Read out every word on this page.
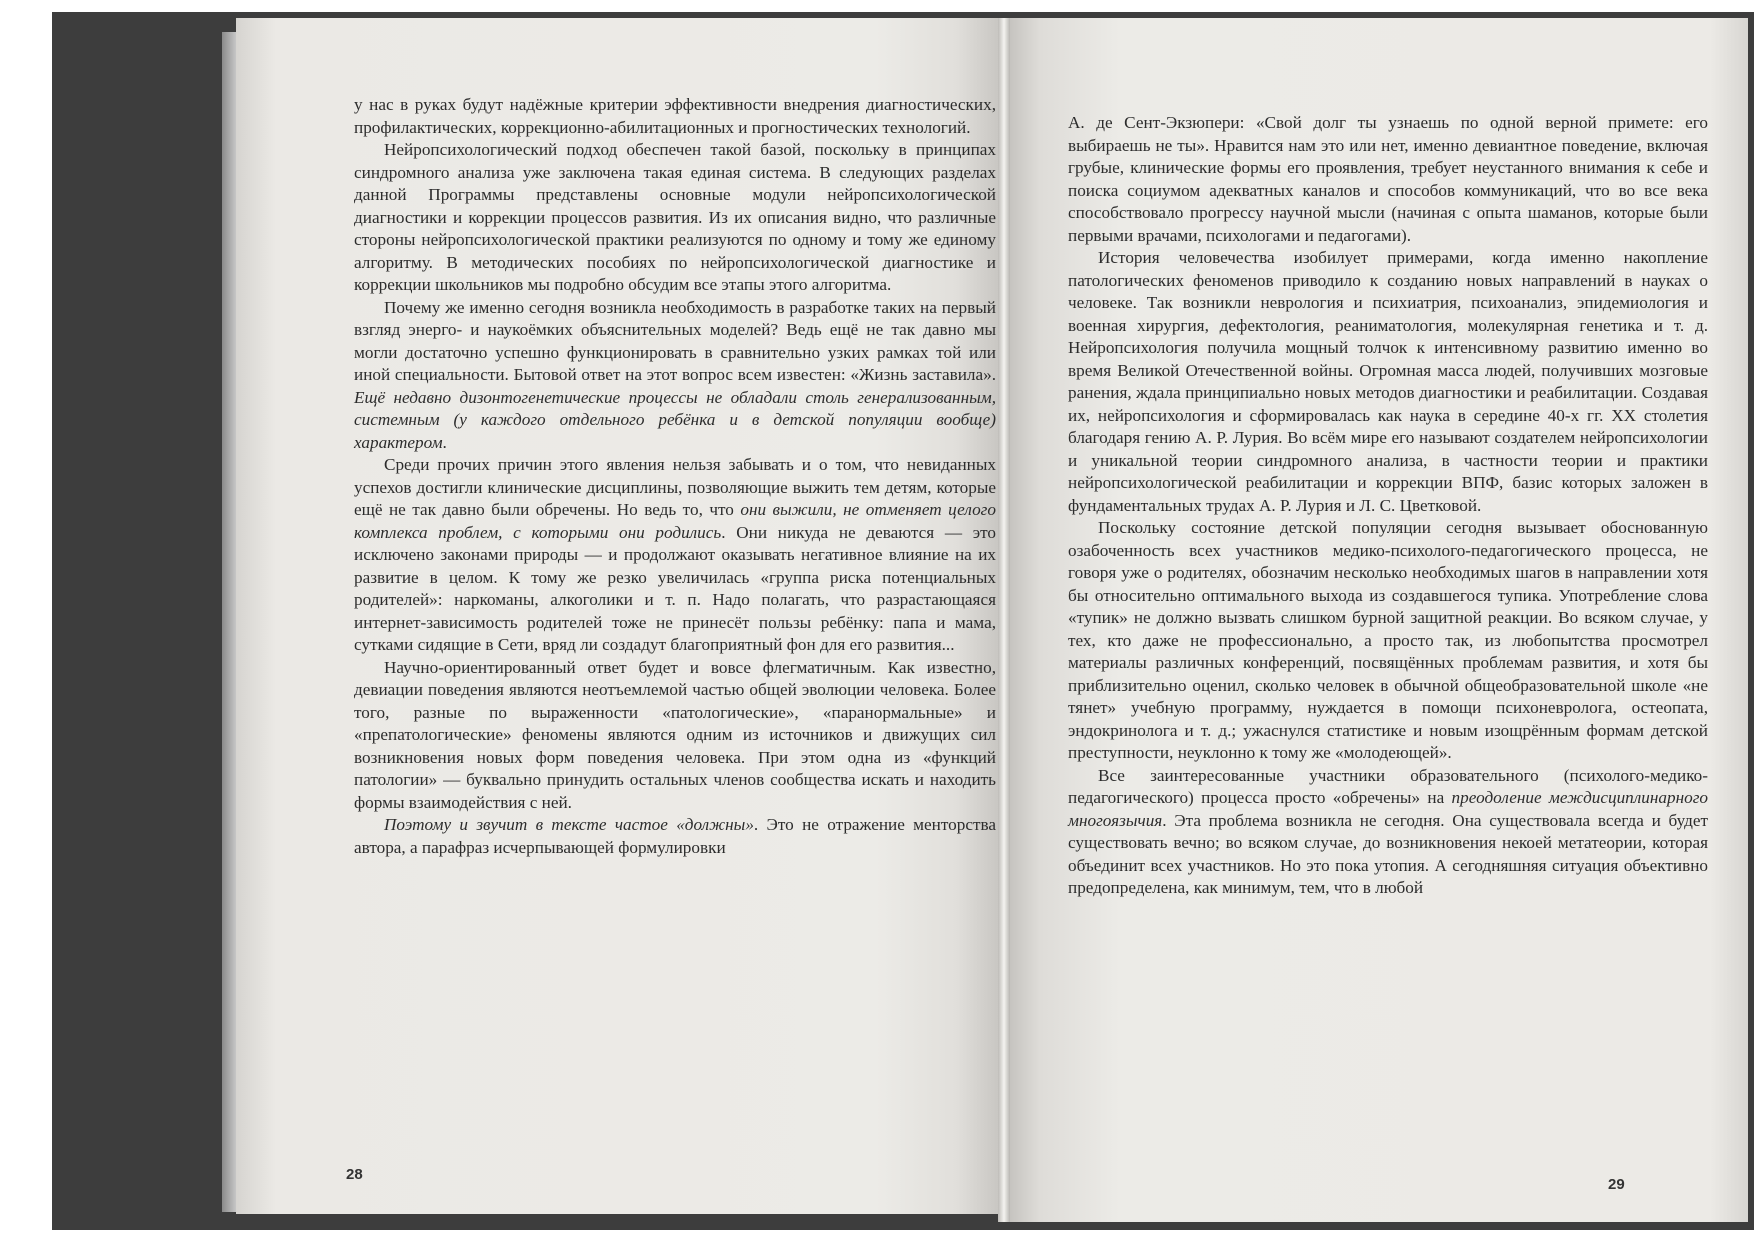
у нас в руках будут надёжные критерии эффективности внедрения диагностических, профилактических, коррекционно-абилитационных и прогностических технологий.

Нейропсихологический подход обеспечен такой базой, поскольку в принципах синдромного анализа уже заключена такая единая система. В следующих разделах данной Программы представлены основные модули нейропсихологической диагностики и коррекции процессов развития. Из их описания видно, что различные стороны нейропсихологической практики реализуются по одному и тому же единому алгоритму. В методических пособиях по нейропсихологической диагностике и коррекции школьников мы подробно обсудим все этапы этого алгоритма.

Почему же именно сегодня возникла необходимость в разработке таких на первый взгляд энерго- и наукоёмких объяснительных моделей? Ведь ещё не так давно мы могли достаточно успешно функционировать в сравнительно узких рамках той или иной специальности. Бытовой ответ на этот вопрос всем известен: «Жизнь заставила». Ещё недавно дизонтогенетические процессы не обладали столь генерализованным, системным (у каждого отдельного ребёнка и в детской популяции вообще) характером.

Среди прочих причин этого явления нельзя забывать и о том, что невиданных успехов достигли клинические дисциплины, позволяющие выжить тем детям, которые ещё не так давно были обречены. Но ведь то, что они выжили, не отменяет целого комплекса проблем, с которыми они родились. Они никуда не деваются — это исключено законами природы — и продолжают оказывать негативное влияние на их развитие в целом. К тому же резко увеличилась «группа риска потенциальных родителей»: наркоманы, алкоголики и т. п. Надо полагать, что разрастающаяся интернет-зависимость родителей тоже не принесёт пользы ребёнку: папа и мама, сутками сидящие в Сети, вряд ли создадут благоприятный фон для его развития...

Научно-ориентированный ответ будет и вовсе флегматичным. Как известно, девиации поведения являются неотъемлемой частью общей эволюции человека. Более того, разные по выраженности «патологические», «паранормальные» и «препатологические» феномены являются одним из источников и движущих сил возникновения новых форм поведения человека. При этом одна из «функций патологии» — буквально принудить остальных членов сообщества искать и находить формы взаимодействия с ней.

Поэтому и звучит в тексте частое «должны». Это не отражение менторства автора, а парафраз исчерпывающей формулировки

28

А. де Сент-Экзюпери: «Свой долг ты узнаешь по одной верной примете: его выбираешь не ты». Нравится нам это или нет, именно девиантное поведение, включая грубые, клинические формы его проявления, требует неустанного внимания к себе и поиска социумом адекватных каналов и способов коммуникаций, что во все века способствовало прогрессу научной мысли (начиная с опыта шаманов, которые были первыми врачами, психологами и педагогами).

История человечества изобилует примерами, когда именно накопление патологических феноменов приводило к созданию новых направлений в науках о человеке. Так возникли неврология и психиатрия, психоанализ, эпидемиология и военная хирургия, дефектология, реаниматология, молекулярная генетика и т. д. Нейропсихология получила мощный толчок к интенсивному развитию именно во время Великой Отечественной войны. Огромная масса людей, получивших мозговые ранения, ждала принципиально новых методов диагностики и реабилитации. Создавая их, нейропсихология и сформировалась как наука в середине 40-х гг. XX столетия благодаря гению А. Р. Лурия. Во всём мире его называют создателем нейропсихологии и уникальной теории синдромного анализа, в частности теории и практики нейропсихологической реабилитации и коррекции ВПФ, базис которых заложен в фундаментальных трудах А. Р. Лурия и Л. С. Цветковой.

Поскольку состояние детской популяции сегодня вызывает обоснованную озабоченность всех участников медико-психолого-педагогического процесса, не говоря уже о родителях, обозначим несколько необходимых шагов в направлении хотя бы относительно оптимального выхода из создавшегося тупика. Употребление слова «тупик» не должно вызвать слишком бурной защитной реакции. Во всяком случае, у тех, кто даже не профессионально, а просто так, из любопытства просмотрел материалы различных конференций, посвящённых проблемам развития, и хотя бы приблизительно оценил, сколько человек в обычной общеобразовательной школе «не тянет» учебную программу, нуждается в помощи психоневролога, остеопата, эндокринолога и т. д.; ужаснулся статистике и новым изощрённым формам детской преступности, неуклонно к тому же «молодеющей».

Все заинтересованные участники образовательного (психолого-медико-педагогического) процесса просто «обречены» на преодоление междисциплинарного многоязычия. Эта проблема возникла не сегодня. Она существовала всегда и будет существовать вечно; во всяком случае, до возникновения некоей метатеории, которая объединит всех участников. Но это пока утопия. А сегодняшняя ситуация объективно предопределена, как минимум, тем, что в любой

29
